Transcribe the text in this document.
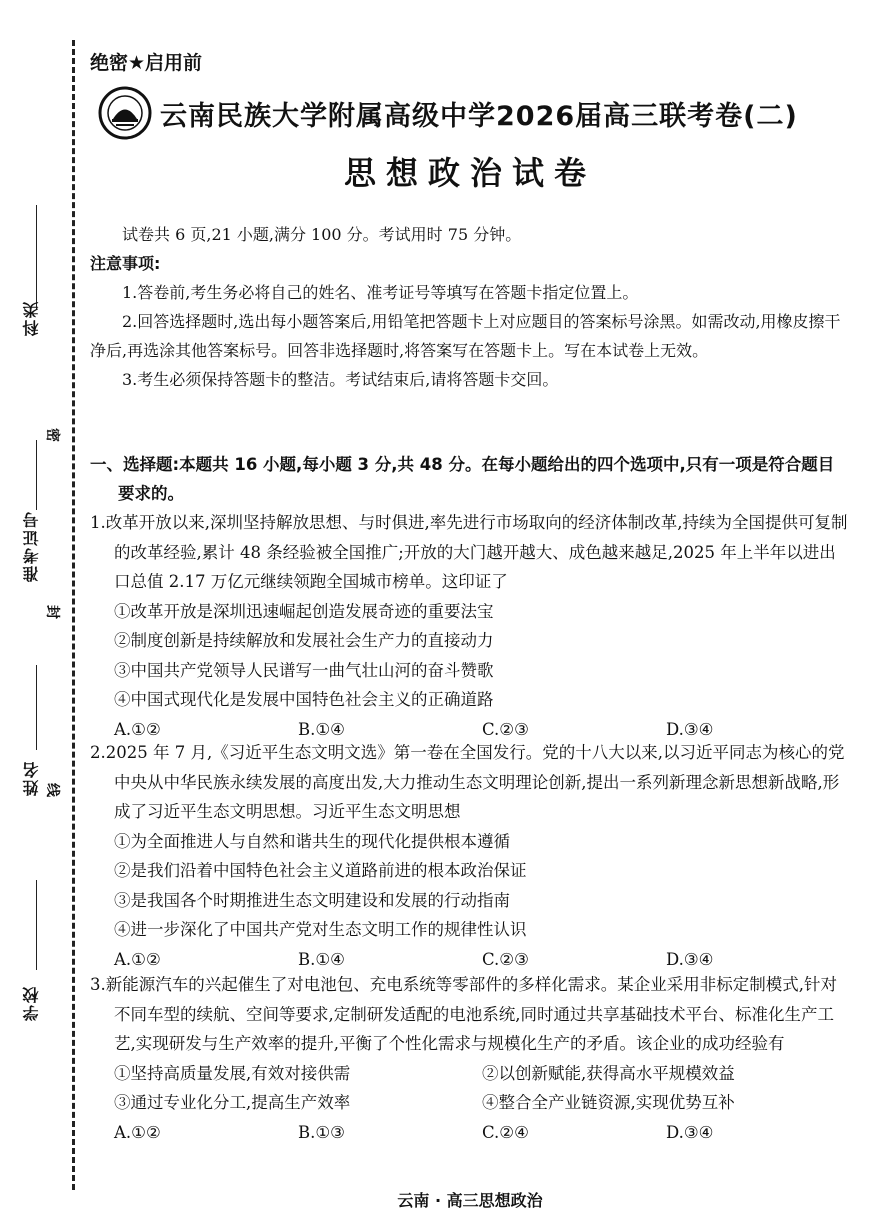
科类
准考证号
姓名
学校
密
封
线
绝密★启用前
云南民族大学附属高级中学2026届高三联考卷(二)
思想政治试卷
试卷共 6 页,21 小题,满分 100 分。考试用时 75 分钟。
注意事项:
1.答卷前,考生务必将自己的姓名、准考证号等填写在答题卡指定位置上。
2.回答选择题时,选出每小题答案后,用铅笔把答题卡上对应题目的答案标号涂黑。如需改动,用橡皮擦干净后,再选涂其他答案标号。回答非选择题时,将答案写在答题卡上。写在本试卷上无效。
3.考生必须保持答题卡的整洁。考试结束后,请将答题卡交回。
一、选择题:本题共 16 小题,每小题 3 分,共 48 分。在每小题给出的四个选项中,只有一项是符合题目要求的。
1.改革开放以来,深圳坚持解放思想、与时俱进,率先进行市场取向的经济体制改革,持续为全国提供可复制的改革经验,累计 48 条经验被全国推广;开放的大门越开越大、成色越来越足,2025 年上半年以进出口总值 2.17 万亿元继续领跑全国城市榜单。这印证了
①改革开放是深圳迅速崛起创造发展奇迹的重要法宝
②制度创新是持续解放和发展社会生产力的直接动力
③中国共产党领导人民谱写一曲气壮山河的奋斗赞歌
④中国式现代化是发展中国特色社会主义的正确道路
A.①②	B.①④	C.②③	D.③④
2.2025 年 7 月,《习近平生态文明文选》第一卷在全国发行。党的十八大以来,以习近平同志为核心的党中央从中华民族永续发展的高度出发,大力推动生态文明理论创新,提出一系列新理念新思想新战略,形成了习近平生态文明思想。习近平生态文明思想
①为全面推进人与自然和谐共生的现代化提供根本遵循
②是我们沿着中国特色社会主义道路前进的根本政治保证
③是我国各个时期推进生态文明建设和发展的行动指南
④进一步深化了中国共产党对生态文明工作的规律性认识
A.①②	B.①④	C.②③	D.③④
3.新能源汽车的兴起催生了对电池包、充电系统等零部件的多样化需求。某企业采用非标定制模式,针对不同车型的续航、空间等要求,定制研发适配的电池系统,同时通过共享基础技术平台、标准化生产工艺,实现研发与生产效率的提升,平衡了个性化需求与规模化生产的矛盾。该企业的成功经验有
①坚持高质量发展,有效对接供需	②以创新赋能,获得高水平规模效益
③通过专业化分工,提高生产效率	④整合全产业链资源,实现优势互补
A.①②	B.①③	C.②④	D.③④
云南 · 高三思想政治
